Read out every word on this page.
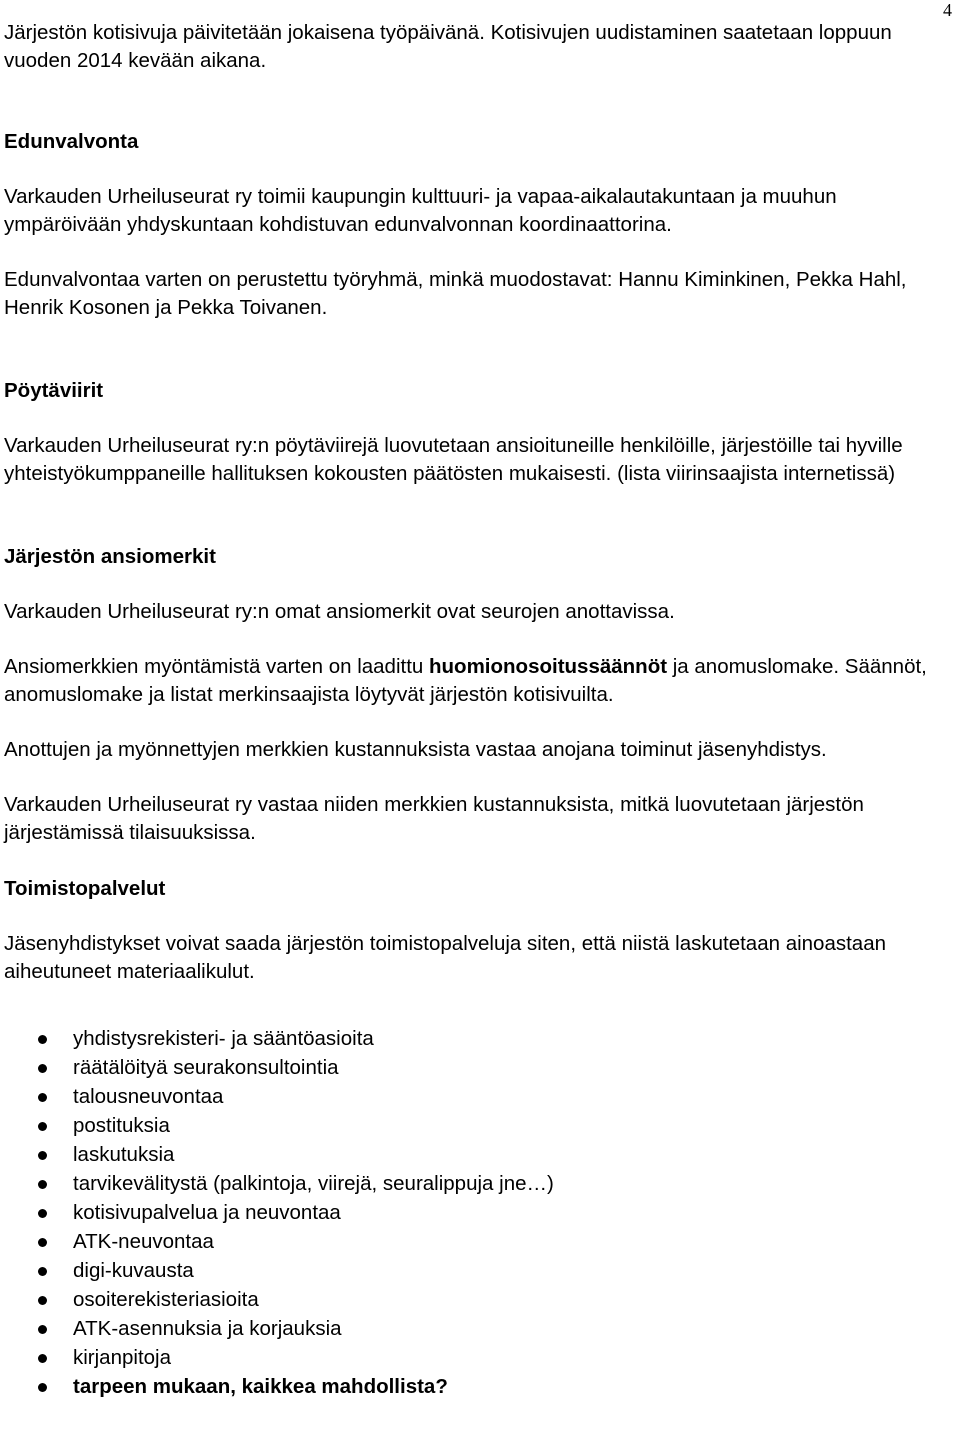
4

Järjestön kotisivuja päivitetään jokaisena työpäivänä. Kotisivujen uudistaminen saatetaan loppuun vuoden 2014 kevään aikana.

Edunvalvonta

Varkauden Urheiluseurat ry toimii kaupungin kulttuuri- ja vapaa-aikalautakuntaan ja muuhun ympäröivään yhdyskuntaan kohdistuvan edunvalvonnan koordinaattorina.

Edunvalvontaa varten on perustettu työryhmä, minkä muodostavat: Hannu Kiminkinen, Pekka Hahl, Henrik Kosonen ja Pekka Toivanen.

Pöytäviirit

Varkauden Urheiluseurat ry:n pöytäviirejä luovutetaan ansioituneille henkilöille, järjestöille tai hyville yhteistyökumppaneille hallituksen kokousten päätösten mukaisesti. (lista viirinsaajista internetissä)

Järjestön ansiomerkit

Varkauden Urheiluseurat ry:n omat ansiomerkit ovat seurojen anottavissa.

Ansiomerkkien myöntämistä varten on laadittu huomionosoitussäännöt ja anomuslomake. Säännöt, anomuslomake ja listat merkinsaajista löytyvät järjestön kotisivuilta.

Anottujen ja myönnettyjen merkkien kustannuksista vastaa anojana toiminut jäsenyhdistys.

Varkauden Urheiluseurat ry vastaa niiden merkkien kustannuksista, mitkä luovutetaan järjestön järjestämissä tilaisuuksissa.

Toimistopalvelut

Jäsenyhdistykset voivat saada järjestön toimistopalveluja siten, että niistä laskutetaan ainoastaan aiheutuneet materiaalikulut.

yhdistysrekisteri- ja sääntöasioita
räätälöityä seurakonsultointia
talousneuvontaa
postituksia
laskutuksia
tarvikevälitystä (palkintoja, viirejä, seuralippuja jne…)
kotisivupalvelua ja neuvontaa
ATK-neuvontaa
digi-kuvausta
osoiterekisteriasioita
ATK-asennuksia ja korjauksia
kirjanpitoja
tarpeen mukaan, kaikkea mahdollista?
